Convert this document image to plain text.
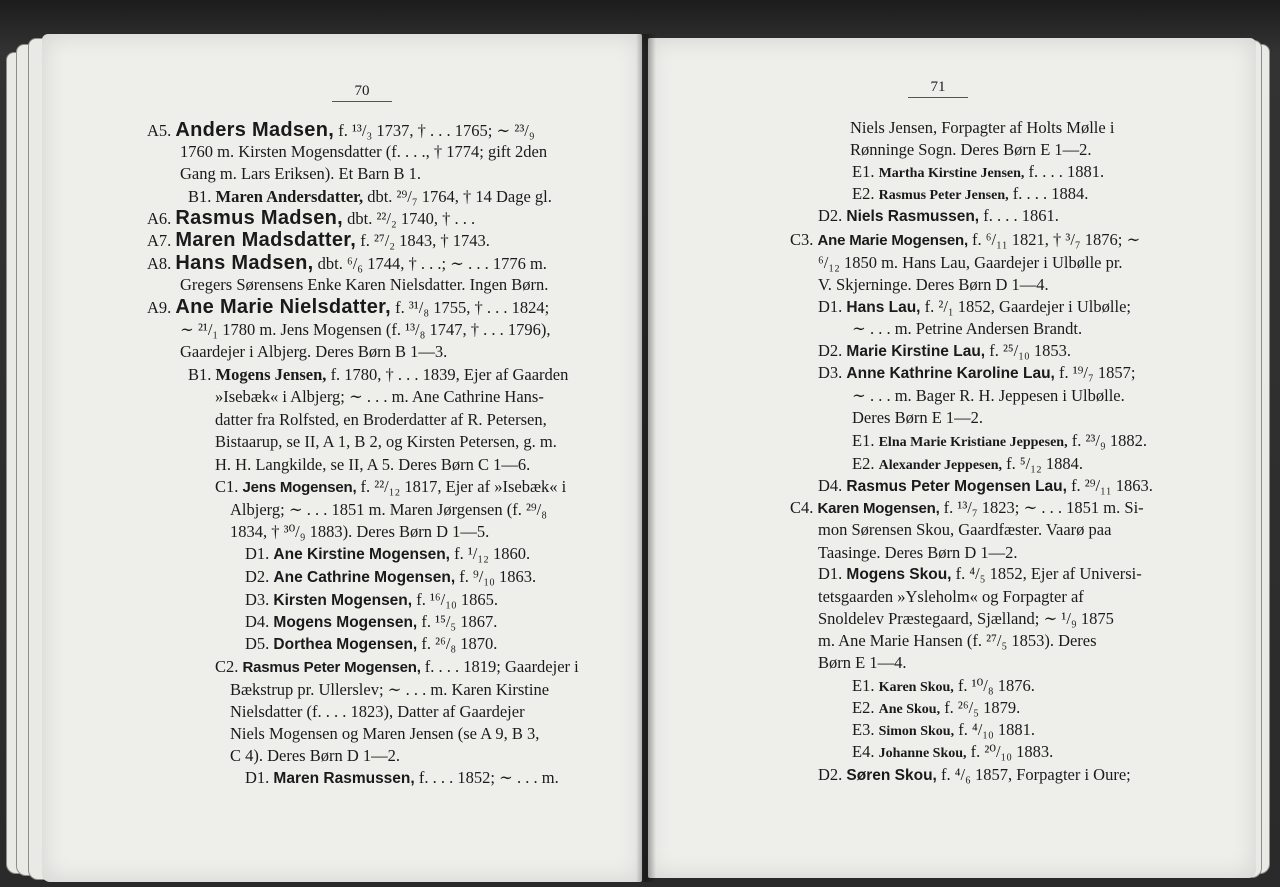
70	71
A5. Anders Madsen, f. ¹³/₃ 1737, † . . . 1765; ∼ ²³/₉
1760 m. Kirsten Mogensdatter (f. . . ., † 1774; gift 2den
Gang m. Lars Eriksen). Et Barn B 1.
B1. Maren Andersdatter, dbt. ²⁹/₇ 1764, † 14 Dage gl.
A6. Rasmus Madsen, dbt. ²²/₂ 1740, † . . .
A7. Maren Madsdatter, f. ²⁷/₂ 1843, † 1743.
A8. Hans Madsen, dbt. ⁶/₆ 1744, † . . .; ∼ . . . 1776 m.
Gregers Sørensens Enke Karen Nielsdatter. Ingen Børn.
A9. Ane Marie Nielsdatter, f. ³¹/₈ 1755, † . . . 1824;
∼ ²¹/₁ 1780 m. Jens Mogensen (f. ¹³/₈ 1747, † . . . 1796),
Gaardejer i Albjerg. Deres Børn B 1—3.
B1. Mogens Jensen, f. 1780, † . . . 1839, Ejer af Gaarden
»Isebæk« i Albjerg; ∼ . . . m. Ane Cathrine Hans-
datter fra Rolfsted, en Broderdatter af R. Petersen,
Bistaarup, se II, A 1, B 2, og Kirsten Petersen, g. m.
H. H. Langkilde, se II, A 5. Deres Børn C 1—6.
C1. Jens Mogensen, f. ²²/₁₂ 1817, Ejer af »Isebæk« i
Albjerg; ∼ . . . 1851 m. Maren Jørgensen (f. ²⁹/₈
1834, † ³⁰/₉ 1883). Deres Børn D 1—5.
D1. Ane Kirstine Mogensen, f. ¹/₁₂ 1860.
D2. Ane Cathrine Mogensen, f. ⁹/₁₀ 1863.
D3. Kirsten Mogensen, f. ¹⁶/₁₀ 1865.
D4. Mogens Mogensen, f. ¹⁵/₅ 1867.
D5. Dorthea Mogensen, f. ²⁶/₈ 1870.
C2. Rasmus Peter Mogensen, f. . . . 1819; Gaardejer i
Bækstrup pr. Ullerslev; ∼ . . . m. Karen Kirstine
Nielsdatter (f. . . . 1823), Datter af Gaardejer
Niels Mogensen og Maren Jensen (se A 9, B 3,
C 4). Deres Børn D 1—2.
D1. Maren Rasmussen, f. . . . 1852; ∼ . . . m.
Niels Jensen, Forpagter af Holts Mølle i
Rønninge Sogn. Deres Børn E 1—2.
E1. Martha Kirstine Jensen, f. . . . 1881.
E2. Rasmus Peter Jensen, f. . . . 1884.
D2. Niels Rasmussen, f. . . . 1861.
C3. Ane Marie Mogensen, f. ⁶/₁₁ 1821, † ³/₇ 1876; ∼
⁶/₁₂ 1850 m. Hans Lau, Gaardejer i Ulbølle pr.
V. Skjerninge. Deres Børn D 1—4.
D1. Hans Lau, f. ²/₁ 1852, Gaardejer i Ulbølle;
∼ . . . m. Petrine Andersen Brandt.
D2. Marie Kirstine Lau, f. ²⁵/₁₀ 1853.
D3. Anne Kathrine Karoline Lau, f. ¹⁹/₇ 1857;
∼ . . . m. Bager R. H. Jeppesen i Ulbølle.
Deres Børn E 1—2.
E1. Elna Marie Kristiane Jeppesen, f. ²³/₉ 1882.
E2. Alexander Jeppesen, f. ⁵/₁₂ 1884.
D4. Rasmus Peter Mogensen Lau, f. ²⁹/₁₁ 1863.
C4. Karen Mogensen, f. ¹³/₇ 1823; ∼ . . . 1851 m. Si-
mon Sørensen Skou, Gaardfæster. Vaarø paa
Taasinge. Deres Børn D 1—2.
D1. Mogens Skou, f. ⁴/₅ 1852, Ejer af Universi-
tetsgaarden »Ysleholm« og Forpagter af
Snoldelev Præstegaard, Sjælland; ∼ ¹/₉ 1875
m. Ane Marie Hansen (f. ²⁷/₅ 1853). Deres
Børn E 1—4.
E1. Karen Skou, f. ¹⁰/₈ 1876.
E2. Ane Skou, f. ²⁶/₅ 1879.
E3. Simon Skou, f. ⁴/₁₀ 1881.
E4. Johanne Skou, f. ²⁰/₁₀ 1883.
D2. Søren Skou, f. ⁴/₆ 1857, Forpagter i Oure;
